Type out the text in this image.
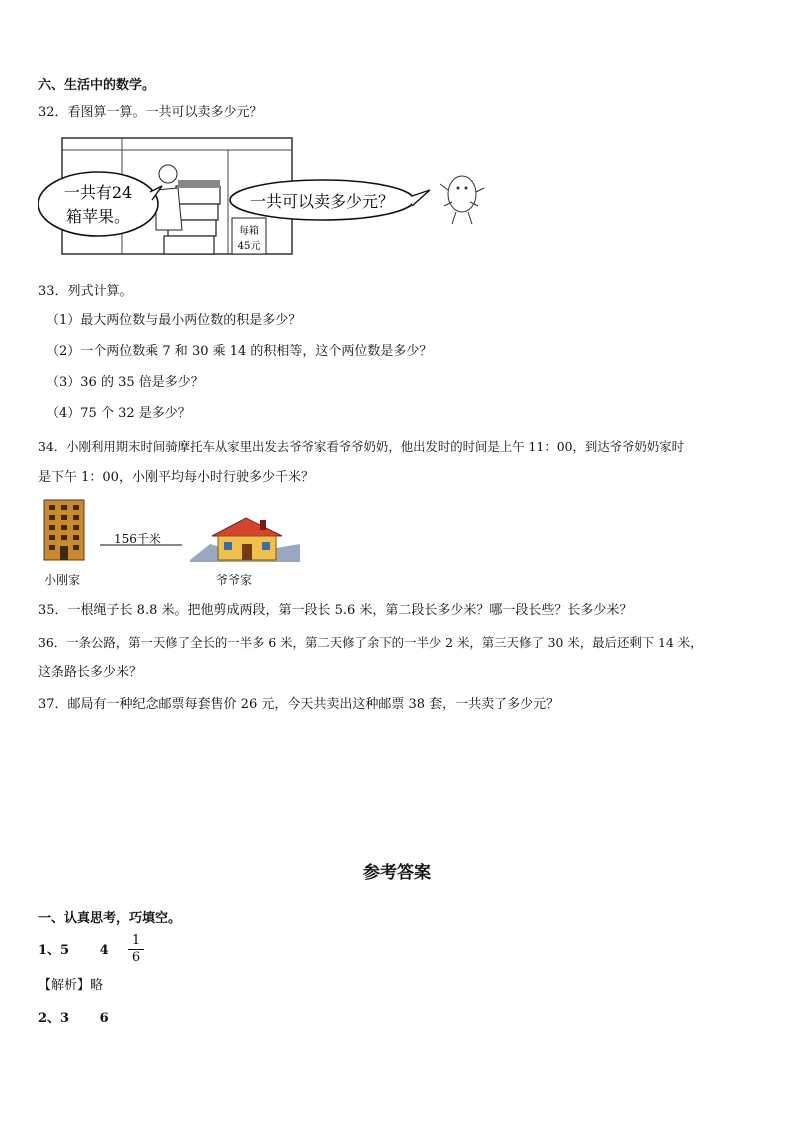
六、生活中的数学。
32．看图算一算。一共可以卖多少元？
每箱
45元
一共有24
箱苹果。
一共可以卖多少元？
33．列式计算。
（1）最大两位数与最小两位数的积是多少？
（2）一个两位数乘 7 和 30 乘 14 的积相等，这个两位数是多少？
（3）36 的 35 倍是多少？
（4）75 个 32 是多少？
34．小刚利用期末时间骑摩托车从家里出发去爷爷家看爷爷奶奶，他出发时的时间是上午 11：00，到达爷爷奶奶家时
是下午 1：00，小刚平均每小时行驶多少千米？
小刚家
156千米
爷爷家
35．一根绳子长 8.8 米。把他剪成两段，第一段长 5.6 米，第二段长多少米？哪一段长些？长多少米？
36．一条公路，第一天修了全长的一半多 6 米，第二天修了余下的一半少 2 米，第三天修了 30 米，最后还剩下 14 米，
这条路长多少米？
37．邮局有一种纪念邮票每套售价 26 元，今天共卖出这种邮票 38 套，一共卖了多少元？
参考答案
一、认真思考，巧填空。
1、5 　　4
1
6
【解析】略
2、3 　　6
